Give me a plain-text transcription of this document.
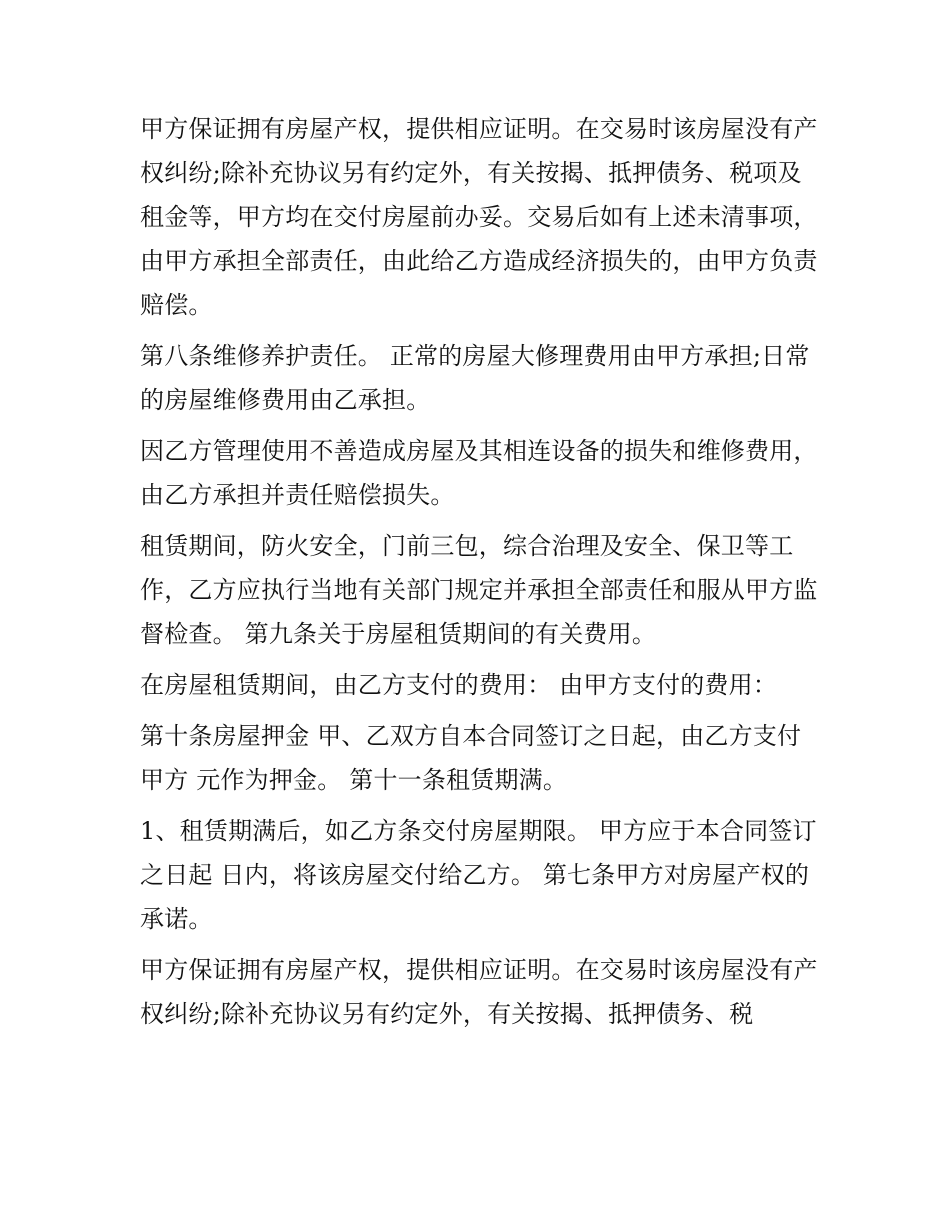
甲方保证拥有房屋产权，提供相应证明。在交易时该房屋没有产权纠纷;除补充协议另有约定外，有关按揭、抵押债务、税项及租金等，甲方均在交付房屋前办妥。交易后如有上述未清事项，由甲方承担全部责任，由此给乙方造成经济损失的，由甲方负责赔偿。

第八条维修养护责任。 正常的房屋大修理费用由甲方承担;日常的房屋维修费用由乙承担。

因乙方管理使用不善造成房屋及其相连设备的损失和维修费用，由乙方承担并责任赔偿损失。

租赁期间，防火安全，门前三包，综合治理及安全、保卫等工作，乙方应执行当地有关部门规定并承担全部责任和服从甲方监督检查。 第九条关于房屋租赁期间的有关费用。

在房屋租赁期间，由乙方支付的费用： 由甲方支付的费用：

第十条房屋押金 甲、乙双方自本合同签订之日起，由乙方支付甲方 元作为押金。 第十一条租赁期满。

1、租赁期满后，如乙方条交付房屋期限。 甲方应于本合同签订之日起 日内，将该房屋交付给乙方。 第七条甲方对房屋产权的承诺。

甲方保证拥有房屋产权，提供相应证明。在交易时该房屋没有产权纠纷;除补充协议另有约定外，有关按揭、抵押债务、税
